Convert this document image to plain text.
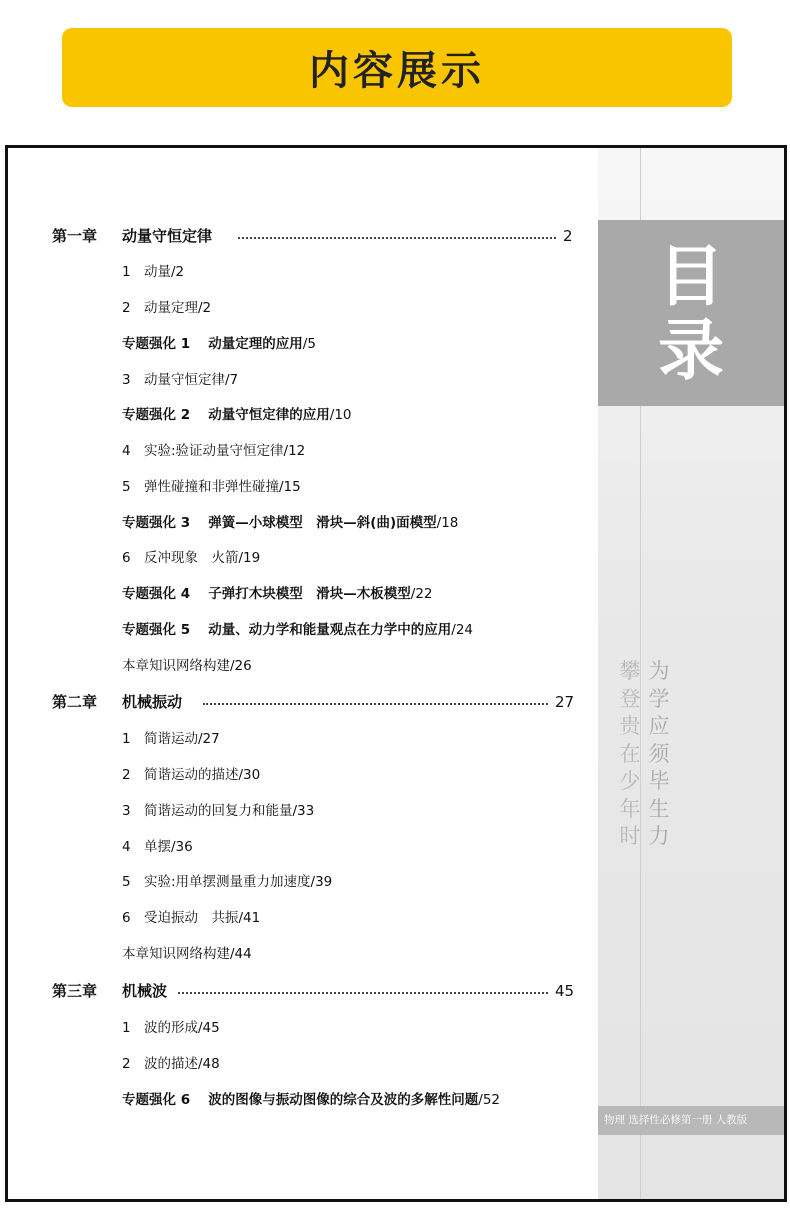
内容展示
目
录
攀登贵在少年时
为学应须毕生力
物理 选择性必修第一册 人教版
第一章 动量守恒定律	2
1 动量/2
2 动量定理/2
专题强化 1　 动量定理的应用/5
3 动量守恒定律/7
专题强化 2　 动量守恒定律的应用/10
4 实验:验证动量守恒定律/12
5 弹性碰撞和非弹性碰撞/15
专题强化 3　 弹簧—小球模型　滑块—斜(曲)面模型/18
6 反冲现象　火箭/19
专题强化 4　 子弹打木块模型　滑块—木板模型/22
专题强化 5　 动量、动力学和能量观点在力学中的应用/24
本章知识网络构建/26
第二章 机械振动	27
1 简谐运动/27
2 简谐运动的描述/30
3 简谐运动的回复力和能量/33
4 单摆/36
5 实验:用单摆测量重力加速度/39
6 受迫振动　共振/41
本章知识网络构建/44
第三章 机械波	45
1 波的形成/45
2 波的描述/48
专题强化 6　 波的图像与振动图像的综合及波的多解性问题/52
